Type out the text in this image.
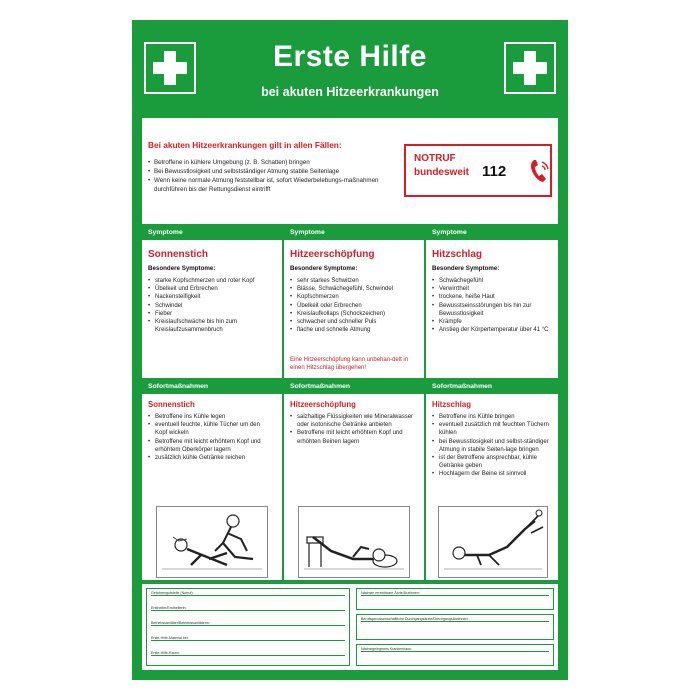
Erste Hilfe
bei akuten Hitzeerkrankungen
Bei akuten Hitzeerkrankungen gilt in allen Fällen:
• Betroffene in kühlere Umgebung (z. B. Schatten) bringen
• Bei Bewusstlosigkeit und selbstständiger Atmung stabile Seitenlage
• Wenn keine normale Atmung feststellbar ist, sofort Wiederbelebungs-maßnahmen durchführen bis der Rettungsdienst eintrifft
NOTRUF
bundesweit 112
Symptome	Symptome	Symptome
Sonnenstich
Besondere Symptome:
• starke Kopfschmerzen und roter Kopf
• Übelkeit und Erbrechen
• Nackensteifigkeit
• Schwindel
• Fieber
• Kreislaufschwäche bis hin zum Kreislaufzusammenbruch
Hitzeerschöpfung
Besondere Symptome:
• sehr starkes Schwitzen
• Blässe, Schwächegefühl, Schwindel
• Kopfschmerzen
• Übelkeit oder Erbrechen
• Kreislaufkollaps (Schockzeichen)
• schwacher und schneller Puls
• flache und schnelle Atmung
Eine Hitzeerschöpfung kann unbehan-delt in einen Hitzschlag übergehen!
Hitzschlag
Besondere Symptome:
• Schwächegefühl
• Verwirrtheit
• trockene, heiße Haut
• Bewusstseinsstörungen bis hin zur Bewusstlosigkeit
• Krämpfe
• Anstieg der Körpertemperatur über 41 °C
Sofortmaßnahmen	Sofortmaßnahmen	Sofortmaßnahmen
Sonnenstich
• Betroffene ins Kühle legen
• eventuell feuchte, kühle Tücher um den Kopf wickeln
• Betroffene mit leicht erhöhtem Kopf und erhöhtem Oberkörper lagern
• zusätzlich kühle Getränke reichen
Hitzeerschöpfung
• salzhaltige Flüssigkeiten wie Mineralwasser oder isotonische Getränke anbieten
• Betroffene mit leicht erhöhtem Kopf und erhöhten Beinen lagern
Hitzschlag
• Betroffene ins Kühle bringen
• eventuell zusätzlich mit feuchten Tüchern kühlen
• bei Bewusstlosigkeit und selbst-ständiger Atmung in stabile Seiten-lage bringen
• ist der Betroffene ansprechbar, kühle Getränke geben
• Hochlagern der Beine ist sinnvoll
Gefahrengutstelle (Notruf):
Ersthelfer/Ersthelferin:
Betriebssanitäter/Betriebssanitäterin:
Erste-Hilfe-Material bei:
Erste-Hilfe-Raum:
Nächste erreichbare Ärzte/Ärztinnen:
Berufsgenossenschaftliche Durchgangsärzte/Durchgangsärztinnen:
Nächstgelegenes Krankenhaus:
